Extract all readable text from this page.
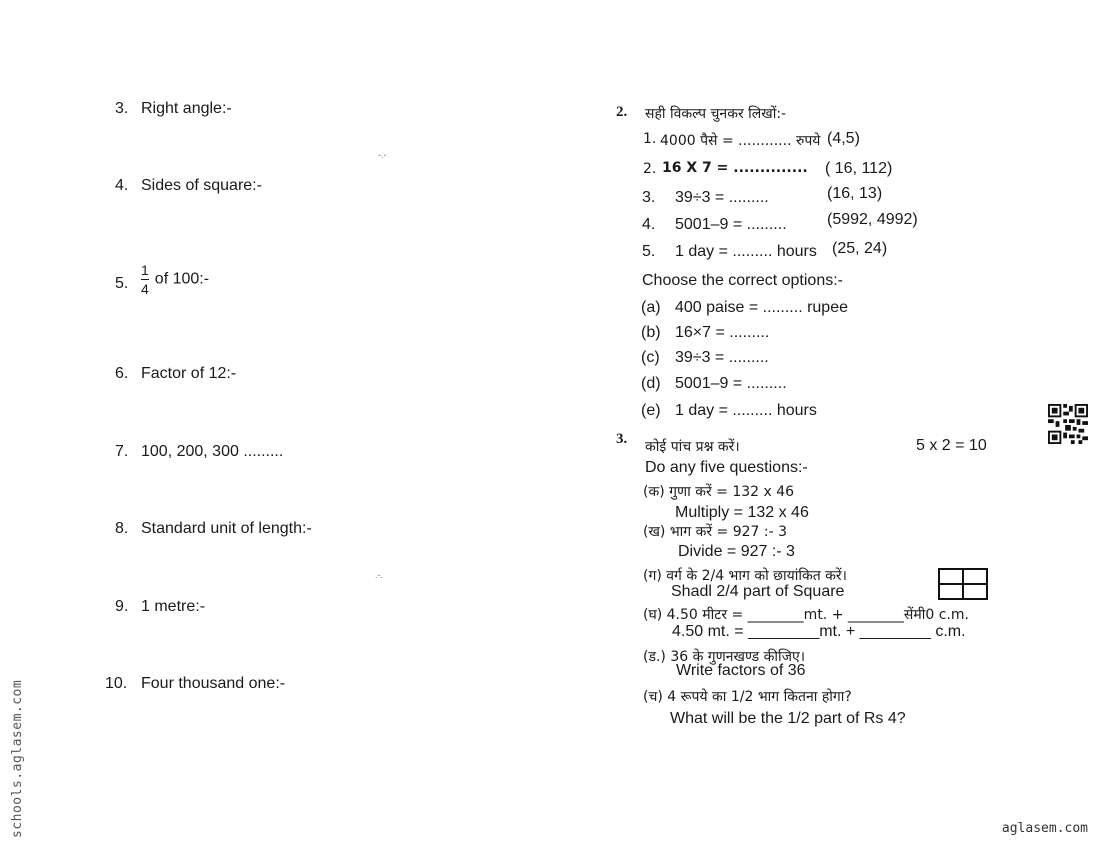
3. Right angle:-
4. Sides of square:-
5. $\frac{1}{4}$ of 100:-
6. Factor of 12:-
7. 100, 200, 300 .........
8. Standard unit of length:-
9. 1 metre:-
10. Four thousand one:-
-.-
.-.
2. सही विकल्प चुनकर लिखों:-
1. 4000 पैसे = ............ रुपये (4,5)
2. 16 X 7 = .............. ( 16, 112)
3. 39÷3 = .........	(16, 13)
4. 5001–9 = .........	(5992, 4992)
5. 1 day = ......... hours (25, 24)
Choose the correct options:-
(a) 400 paise = ......... rupee
(b) 16×7 = .........
(c) 39÷3 = .........
(d) 5001–9 = .........
(e) 1 day = ......... hours
3. कोई पांच प्रश्न करें।	5 x 2 = 10
Do any five questions:-
(क) गुणा करें = 132 x 46
Multiply = 132 x 46
(ख) भाग करें = 927 :- 3
Divide = 927 :- 3
(ग) वर्ग के 2/4 भाग को छायांकित करें।
Shadl 2/4 part of Square
(घ) 4.50 मीटर = ________mt. + ________सेंमी0 c.m.
4.50 mt. = ________mt. + ________ c.m.
(ड.) 36 के गुणनखण्ड कीजिए।
Write factors of 36
(च) 4 रूपये का 1/2 भाग कितना होगा?
What will be the 1/2 part of Rs 4?
schools.aglasem.com	aglasem.com
